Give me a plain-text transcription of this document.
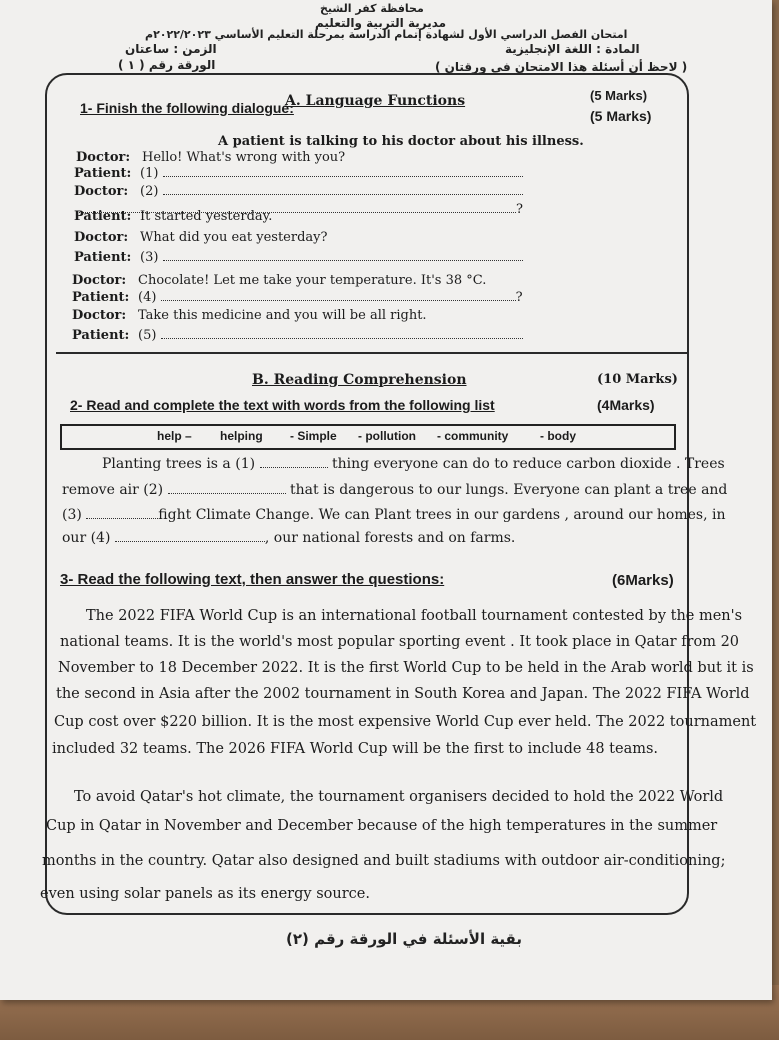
محافظة كفر الشيخ
مديرية التربية والتعليم
امتحان الفصل الدراسي الأول لشهادة إتمام الدراسة بمرحلة التعليم الأساسي ٢٠٢٢/٢٠٢٣م
المادة : اللغة الإنجليزية
الزمن : ساعتان
الورقة رقم ( ١ )	( لاحظ أن أسئلة هذا الامتحان في ورقتان )
A. Language Functions	(5 Marks)
1- Finish the following dialogue:	(5 Marks)
A patient is talking to his doctor about his illness.
Doctor: Hello! What's wrong with you?
Patient: (1)
Doctor: (2)
?
Patient: It started yesterday.
Doctor: What did you eat yesterday?
Patient: (3)
Doctor: Chocolate! Let me take your temperature. It's 38 °C.
Patient: (4)	?
Doctor: Take this medicine and you will be all right.
Patient: (5)
B. Reading Comprehension	(10 Marks)
2- Read and complete the text with words from the following list	(4Marks)
help – helping - Simple - pollution - community	- body
Planting trees is a (1)	thing everyone can do to reduce carbon dioxide . Trees
remove air (2)	that is dangerous to our lungs. Everyone can plant a tree and
(3)	fight Climate Change. We can Plant trees in our gardens , around our homes, in
our (4)	, our national forests and on farms.
3- Read the following text, then answer the questions:	(6Marks)
The 2022 FIFA World Cup is an international football tournament contested by the men's
national teams. It is the world's most popular sporting event . It took place in Qatar from 20
November to 18 December 2022. It is the first World Cup to be held in the Arab world but it is
the second in Asia after the 2002 tournament in South Korea and Japan. The 2022 FIFA World
Cup cost over $220 billion. It is the most expensive World Cup ever held. The 2022 tournament
included 32 teams. The 2026 FIFA World Cup will be the first to include 48 teams.
To avoid Qatar's hot climate, the tournament organisers decided to hold the 2022 World
Cup in Qatar in November and December because of the high temperatures in the summer
months in the country. Qatar also designed and built stadiums with outdoor air-conditioning;
even using solar panels as its energy source.
بقية الأسئلة في الورقة رقم (٢)
